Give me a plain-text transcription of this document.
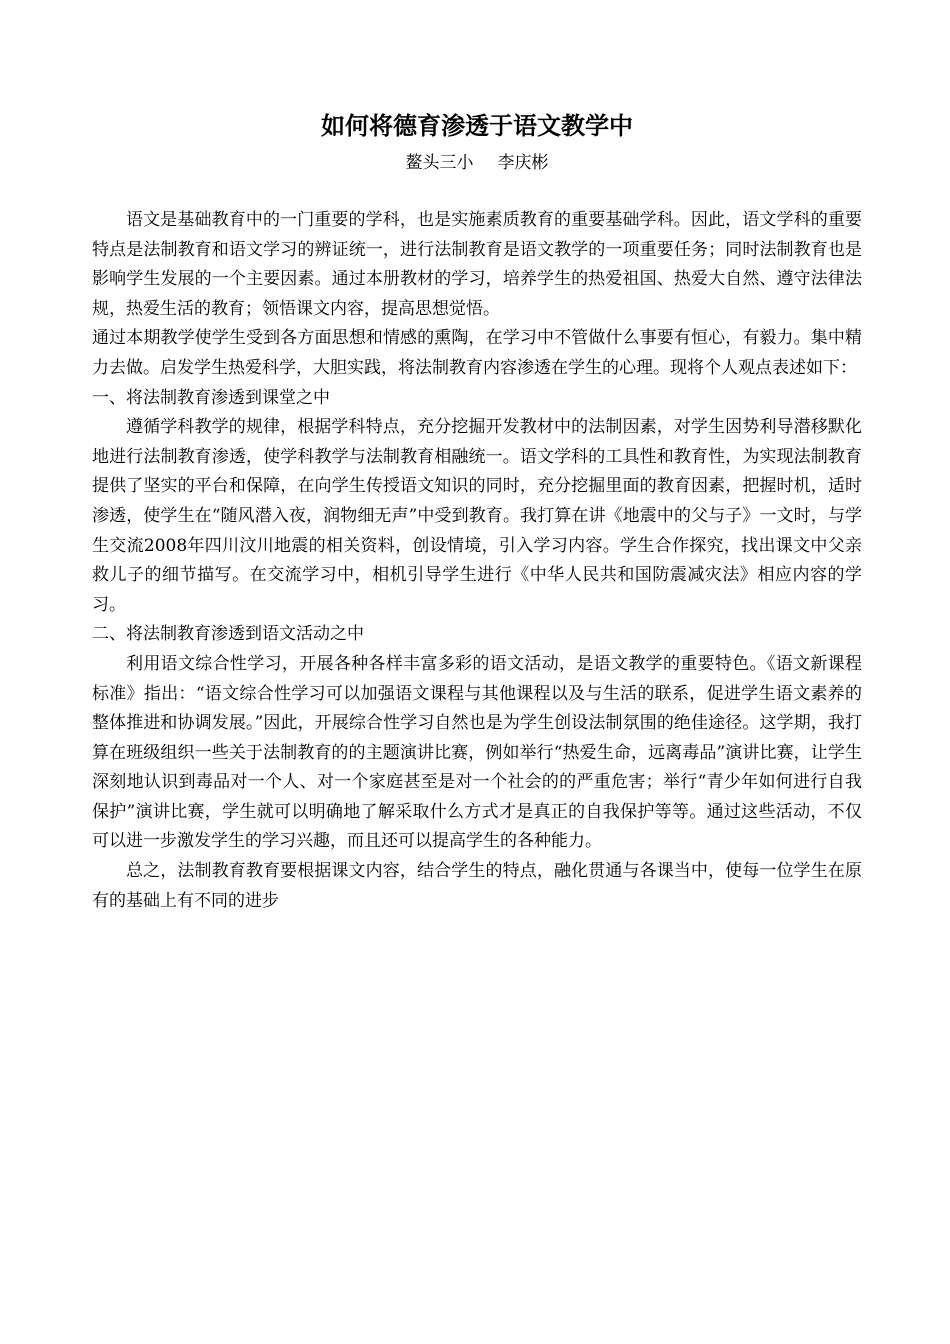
如何将德育渗透于语文教学中
鳌头三小 李庆彬

语文是基础教育中的一门重要的学科，也是实施素质教育的重要基础学科。因此，语文学科的重要特点是法制教育和语文学习的辨证统一，进行法制教育是语文教学的一项重要任务；同时法制教育也是影响学生发展的一个主要因素。通过本册教材的学习，培养学生的热爱祖国、热爱大自然、遵守法律法规，热爱生活的教育；领悟课文内容，提高思想觉悟。

通过本期教学使学生受到各方面思想和情感的熏陶，在学习中不管做什么事要有恒心，有毅力。集中精力去做。启发学生热爱科学，大胆实践，将法制教育内容渗透在学生的心理。现将个人观点表述如下：

一、将法制教育渗透到课堂之中

遵循学科教学的规律，根据学科特点，充分挖掘开发教材中的法制因素，对学生因势利导潜移默化地进行法制教育渗透，使学科教学与法制教育相融统一。语文学科的工具性和教育性，为实现法制教育提供了坚实的平台和保障，在向学生传授语文知识的同时，充分挖掘里面的教育因素，把握时机，适时渗透，使学生在“随风潜入夜，润物细无声”中受到教育。我打算在讲《地震中的父与子》一文时，与学生交流2008年四川汶川地震的相关资料，创设情境，引入学习内容。学生合作探究，找出课文中父亲救儿子的细节描写。在交流学习中，相机引导学生进行《中华人民共和国防震减灾法》相应内容的学习。

二、将法制教育渗透到语文活动之中

利用语文综合性学习，开展各种各样丰富多彩的语文活动，是语文教学的重要特色。《语文新课程标准》指出：“语文综合性学习可以加强语文课程与其他课程以及与生活的联系，促进学生语文素养的整体推进和协调发展。”因此，开展综合性学习自然也是为学生创设法制氛围的绝佳途径。这学期，我打算在班级组织一些关于法制教育的的主题演讲比赛，例如举行“热爱生命，远离毒品”演讲比赛，让学生深刻地认识到毒品对一个人、对一个家庭甚至是对一个社会的的严重危害；举行“青少年如何进行自我保护”演讲比赛，学生就可以明确地了解采取什么方式才是真正的自我保护等等。通过这些活动，不仅可以进一步激发学生的学习兴趣，而且还可以提高学生的各种能力。

总之，法制教育教育要根据课文内容，结合学生的特点，融化贯通与各课当中，使每一位学生在原有的基础上有不同的进步
